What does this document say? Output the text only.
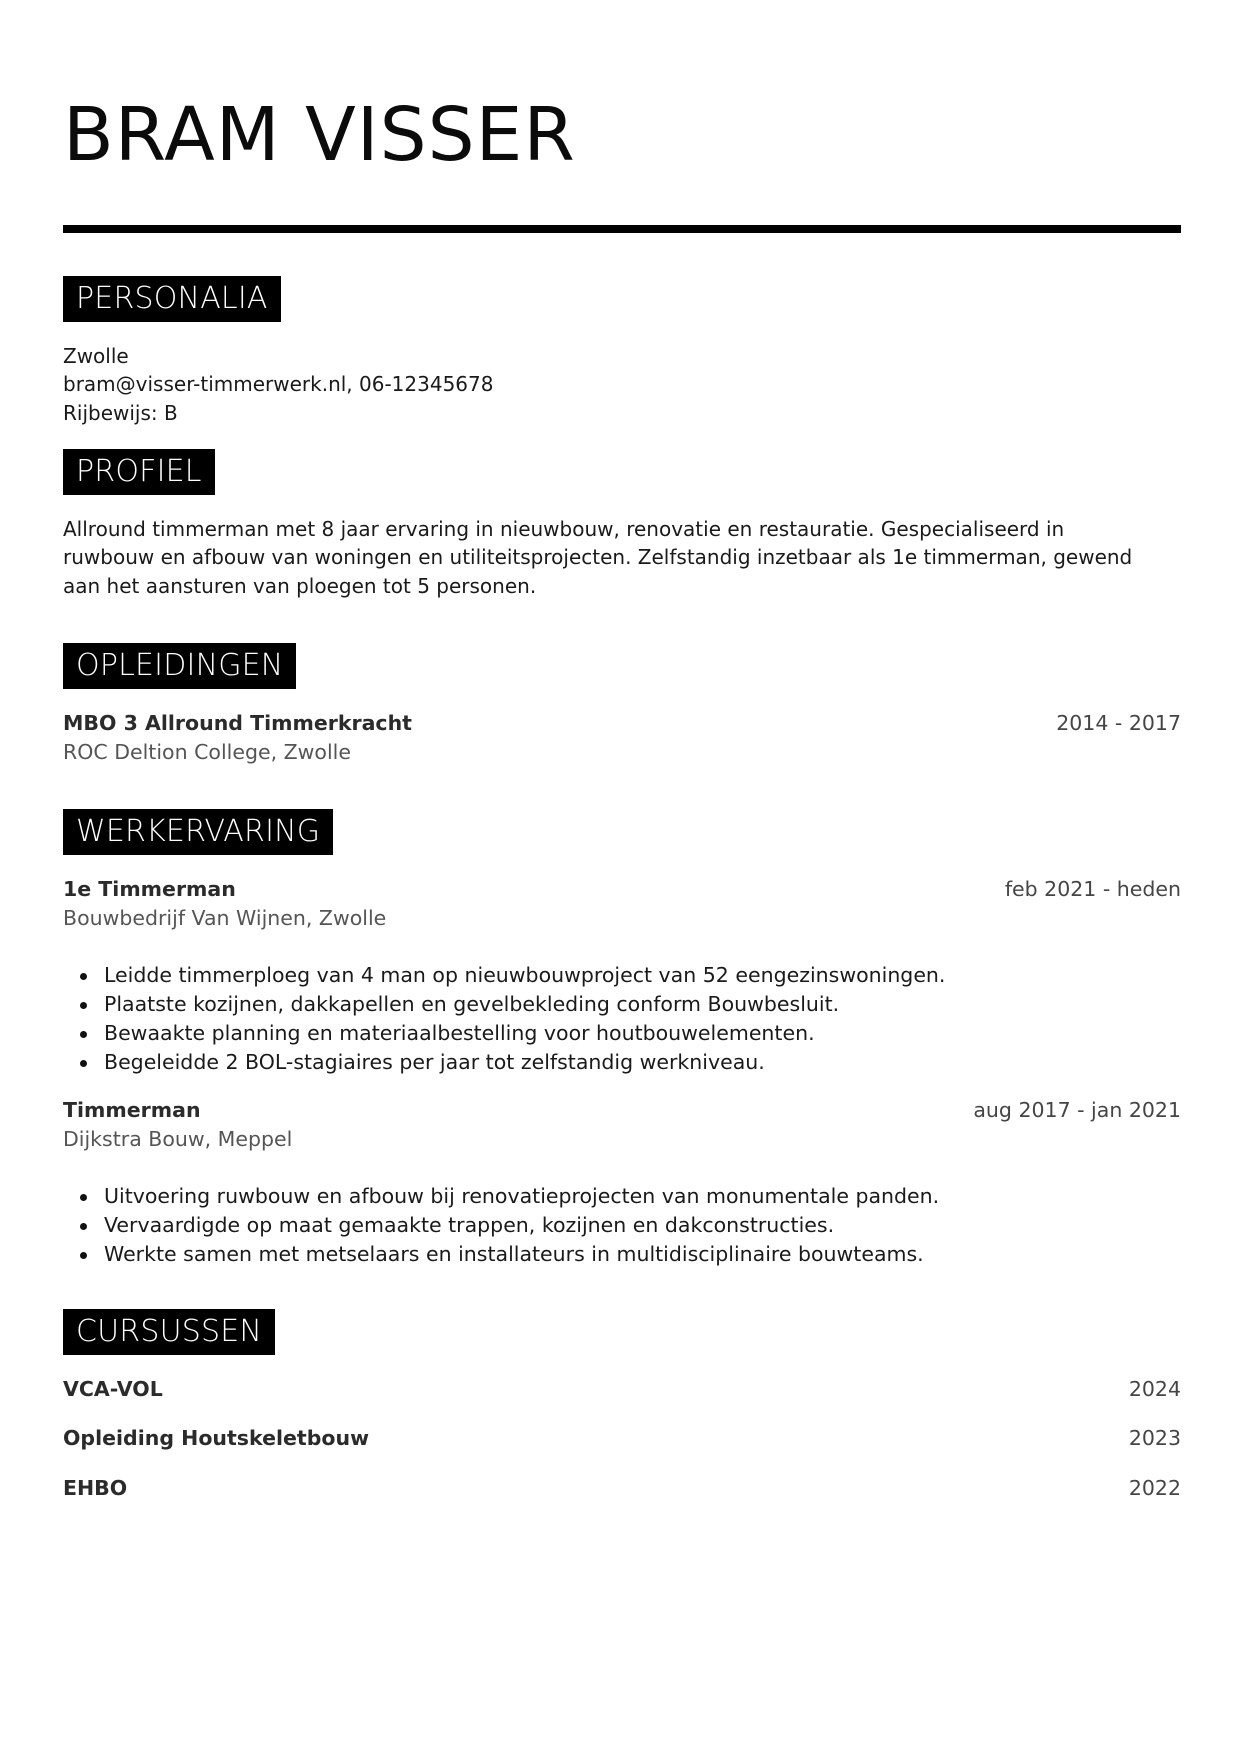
BRAM VISSER
PERSONALIA
Zwolle
bram@visser-timmerwerk.nl, 06-12345678
Rijbewijs: B
PROFIEL
Allround timmerman met 8 jaar ervaring in nieuwbouw, renovatie en restauratie. Gespecialiseerd in
ruwbouw en afbouw van woningen en utiliteitsprojecten. Zelfstandig inzetbaar als 1e timmerman, gewend
aan het aansturen van ploegen tot 5 personen.
OPLEIDINGEN
MBO 3 Allround Timmerkracht	2014 - 2017
ROC Deltion College, Zwolle
WERKERVARING
1e Timmerman	feb 2021 - heden
Bouwbedrijf Van Wijnen, Zwolle
Leidde timmerploeg van 4 man op nieuwbouwproject van 52 eengezinswoningen.
Plaatste kozijnen, dakkapellen en gevelbekleding conform Bouwbesluit.
Bewaakte planning en materiaalbestelling voor houtbouwelementen.
Begeleidde 2 BOL-stagiaires per jaar tot zelfstandig werkniveau.
Timmerman	aug 2017 - jan 2021
Dijkstra Bouw, Meppel
Uitvoering ruwbouw en afbouw bij renovatieprojecten van monumentale panden.
Vervaardigde op maat gemaakte trappen, kozijnen en dakconstructies.
Werkte samen met metselaars en installateurs in multidisciplinaire bouwteams.
CURSUSSEN
VCA-VOL	2024
Opleiding Houtskeletbouw	2023
EHBO	2022
